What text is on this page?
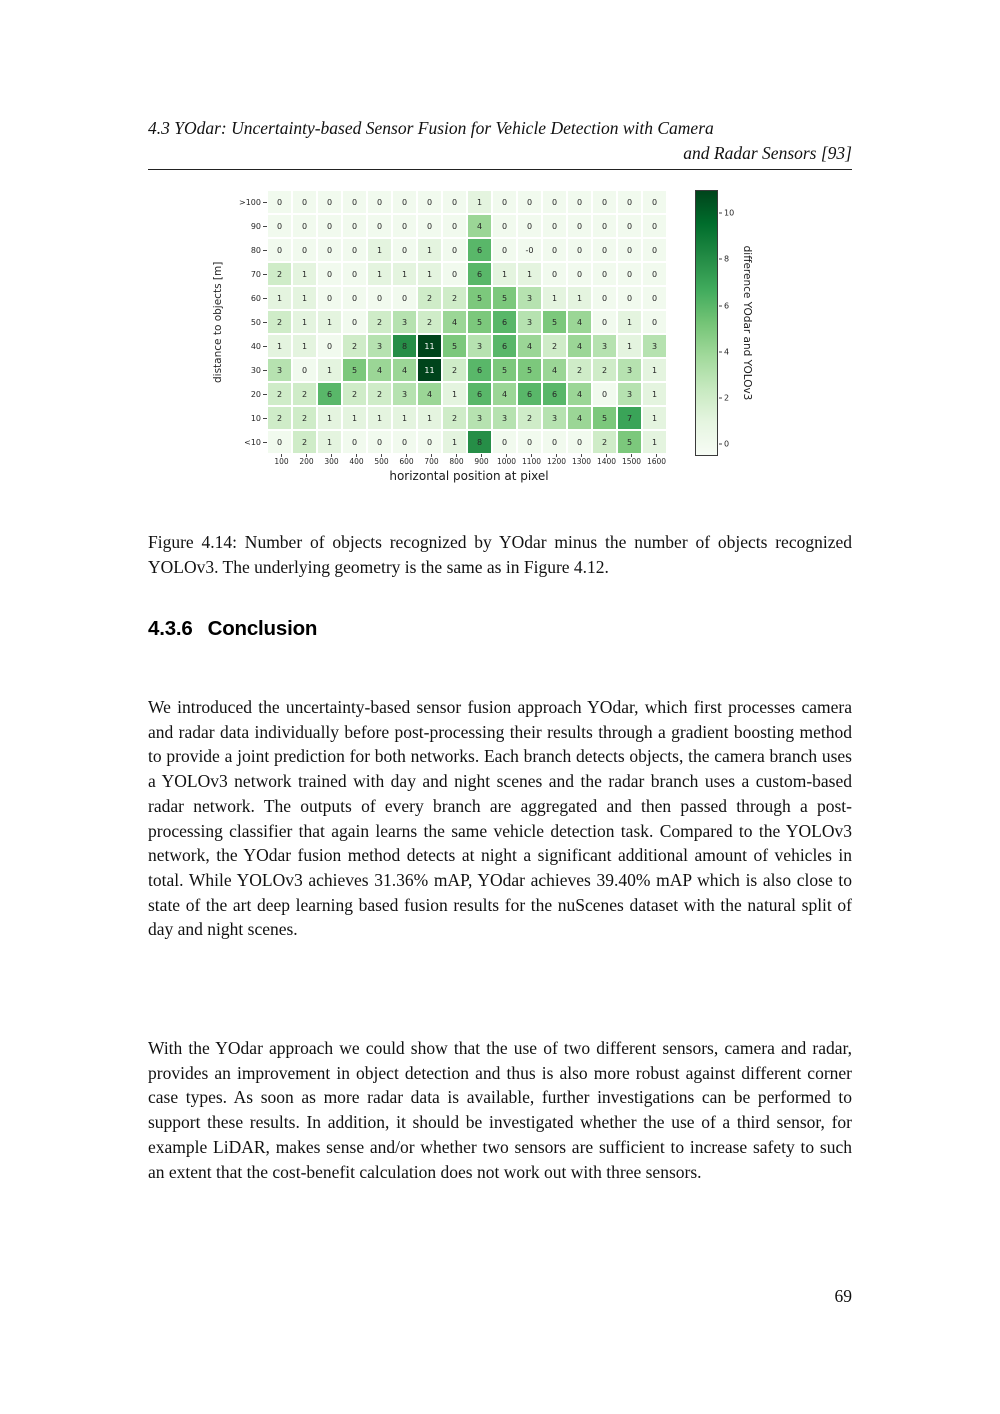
4.3 YOdar: Uncertainty-based Sensor Fusion for Vehicle Detection with Camera
and Radar Sensors [93]
distance to objects [m]
>100	0	0	0	0	0	0	0	0	1	0	0	0	0	0	0	0
90	0	0	0	0	0	0	0	0	4	0	0	0	0	0	0	0
80	0	0	0	0	1	0	1	0	6	0	-0	0	0	0	0	0
70	2	1	0	0	1	1	1	0	6	1	1	0	0	0	0	0
60	1	1	0	0	0	0	2	2	5	5	3	1	1	0	0	0
50	2	1	1	0	2	3	2	4	5	6	3	5	4	0	1	0
40	1	1	0	2	3	8	11	5	3	6	4	2	4	3	1	3
30	3	0	1	5	4	4	11	2	6	5	5	4	2	2	3	1
20	2	2	6	2	2	3	4	1	6	4	6	6	4	0	3	1
10	2	2	1	1	1	1	1	2	3	3	2	3	4	5	7	1
<10	0	2	1	0	0	0	0	1	8	0	0	0	0	2	5	1
100 200 300 400 500 600 700 800 900 1000 1100 1200 1300 1400 1500 1600
horizontal position at pixel
0
2
4
6
8
10
difference YOdar and YOLOv3

Figure 4.14: Number of objects recognized by YOdar minus the number of objects recognized YOLOv3. The underlying geometry is the same as in Figure 4.12.

4.3.6 Conclusion

We introduced the uncertainty-based sensor fusion approach YOdar, which first processes camera and radar data individually before post-processing their results through a gradient boosting method to provide a joint prediction for both networks. Each branch detects objects, the camera branch uses a YOLOv3 network trained with day and night scenes and the radar branch uses a custom-based radar network. The outputs of every branch are aggregated and then passed through a post-processing classifier that again learns the same vehicle detection task. Compared to the YOLOv3 network, the YOdar fusion method detects at night a significant additional amount of vehicles in total. While YOLOv3 achieves 31.36% mAP, YOdar achieves 39.40% mAP which is also close to state of the art deep learning based fusion results for the nuScenes dataset with the natural split of day and night scenes.

With the YOdar approach we could show that the use of two different sensors, camera and radar, provides an improvement in object detection and thus is also more robust against different corner case types. As soon as more radar data is available, further investigations can be performed to support these results. In addition, it should be investigated whether the use of a third sensor, for example LiDAR, makes sense and/or whether two sensors are sufficient to increase safety to such an extent that the cost-benefit calculation does not work out with three sensors.

69
